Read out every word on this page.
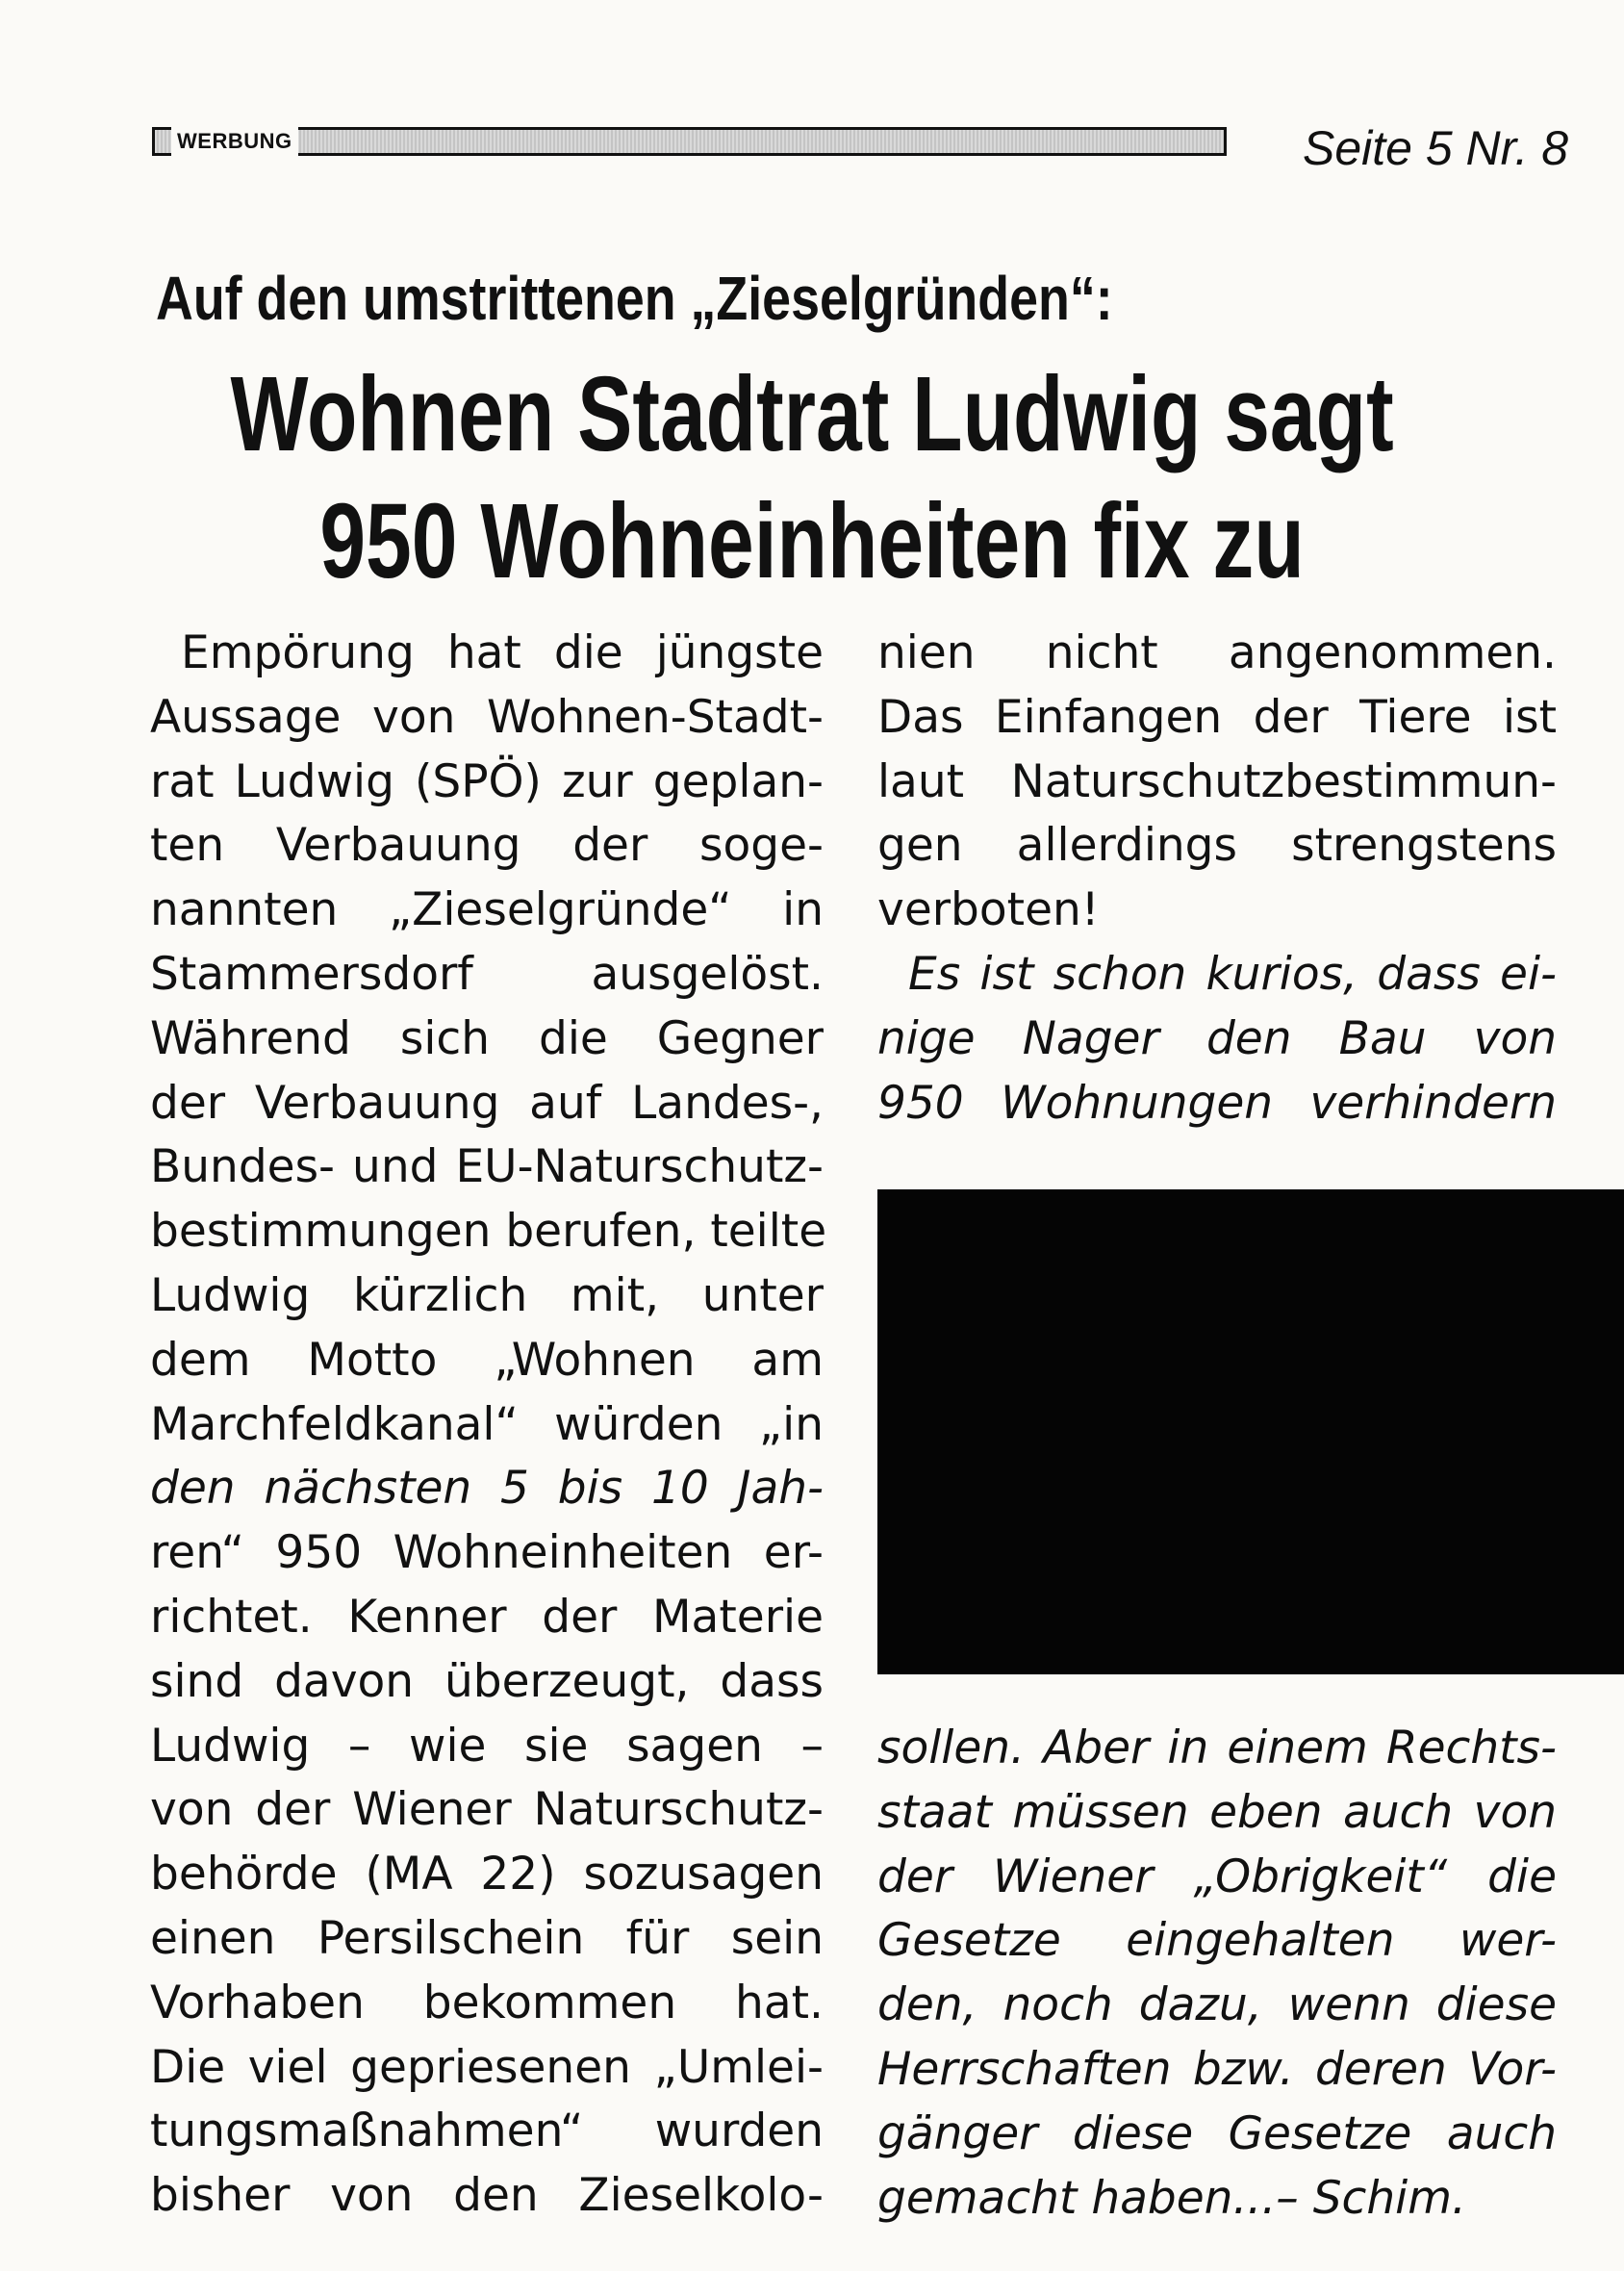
WERBUNG	Seite 5 Nr. 8
Auf den umstrittenen „Zieselgründen“:
Wohnen Stadtrat Ludwig sagt
950 Wohneinheiten fix zu
Empörung hat die jüngste
Aussage von Wohnen-Stadt-
rat Ludwig (SPÖ) zur geplan-
ten Verbauung der soge-
nannten „Zieselgründe“ in
Stammersdorf ausgelöst.
Während sich die Gegner
der Verbauung auf Landes-,
Bundes- und EU-Naturschutz-
bestimmungen berufen, teilte
Ludwig kürzlich mit, unter
dem Motto „Wohnen am
Marchfeldkanal“ würden „in
den nächsten 5 bis 10 Jah-
ren“ 950 Wohneinheiten er-
richtet. Kenner der Materie
sind davon überzeugt, dass
Ludwig – wie sie sagen –
von der Wiener Naturschutz-
behörde (MA 22) sozusagen
einen Persilschein für sein
Vorhaben bekommen hat.
Die viel gepriesenen „Umlei-
tungsmaßnahmen“ wurden
bisher von den Zieselkolo-
nien nicht angenommen.
Das Einfangen der Tiere ist
laut Naturschutzbestimmun-
gen allerdings strengstens
verboten!
Es ist schon kurios, dass ei-
nige Nager den Bau von
950 Wohnungen verhindern
sollen. Aber in einem Rechts-
staat müssen eben auch von
der Wiener „Obrigkeit“ die
Gesetze eingehalten wer-
den, noch dazu, wenn diese
Herrschaften bzw. deren Vor-
gänger diese Gesetze auch
gemacht haben...– Schim.
